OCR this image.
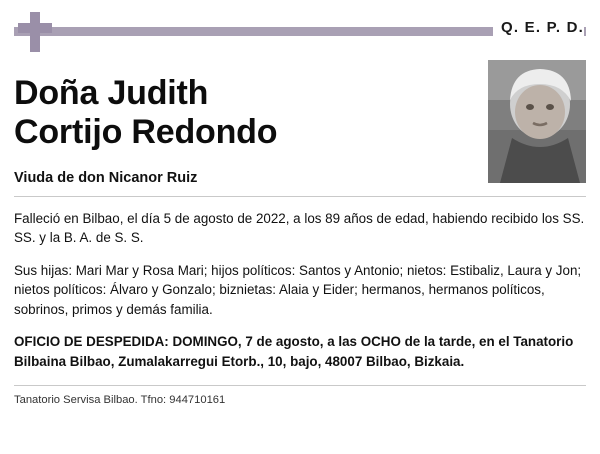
Q. E. P. D.
Doña Judith
Cortijo Redondo
Viuda de don Nicanor Ruiz

Falleció en Bilbao, el día 5 de agosto de 2022, a los 89 años de edad, habiendo recibido los SS. SS. y la B. A. de S. S.

Sus hijas: Mari Mar y Rosa Mari; hijos políticos: Santos y Antonio; nietos: Estibaliz, Laura y Jon; nietos políticos: Álvaro y Gonzalo; biznietas: Alaia y Eider; hermanos, hermanos políticos, sobrinos, primos y demás familia.

OFICIO DE DESPEDIDA: DOMINGO, 7 de agosto, a las OCHO de la tarde, en el Tanatorio Bilbaina Bilbao, Zumalakarregui Etorb., 10, bajo, 48007 Bilbao, Bizkaia.

Tanatorio Servisa Bilbao. Tfno: 944710161
